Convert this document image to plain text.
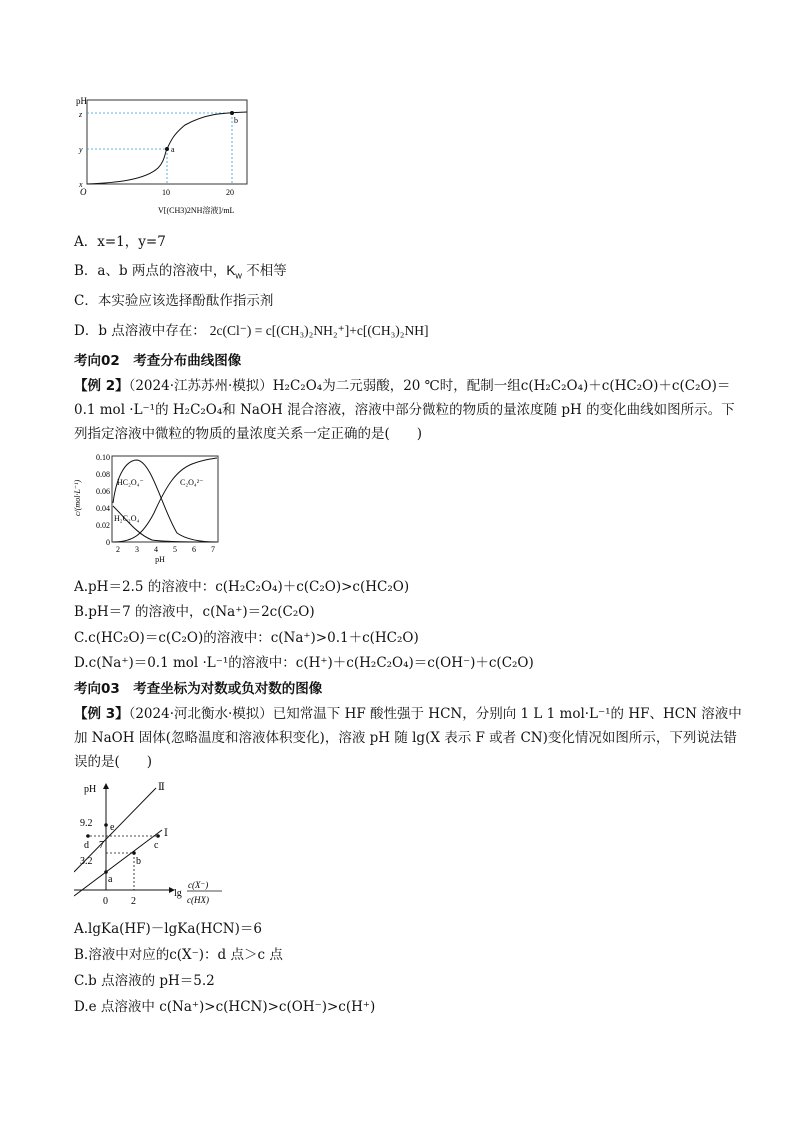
pH
z
y
x
O
a
b
10	20
V[(CH3)2NH溶液]/mL
A．x=1，y=7
B．a、b 两点的溶液中，$K_w$ 不相等
C．本实验应该选择酚酞作指示剂
D．b 点溶液中存在： 2c(Cl⁻) = c[(CH₃)₂NH₂⁺]+c[(CH₃)₂NH]
考向02　考查分布曲线图像
【例 2】（2024·江苏苏州·模拟）H₂C₂O₄为二元弱酸，20 ℃时，配制一组c(H₂C₂O₄)＋c(HC₂O)＋c(C₂O)＝
0.1 mol ·L⁻¹的 H₂C₂O₄和 NaOH 混合溶液，溶液中部分微粒的物质的量浓度随 pH 的变化曲线如图所示。下
列指定溶液中微粒的物质的量浓度关系一定正确的是(　　)
c/(mol·L⁻¹)
0.10
0.08
0.06
0.04
0.02
0
2 3 4 5 6 7
pH
HC₂O₄⁻	C₂O₄²⁻
H₂C₂O₄
A.pH＝2.5 的溶液中：c(H₂C₂O₄)＋c(C₂O)>c(HC₂O)
B.pH＝7 的溶液中，c(Na⁺)＝2c(C₂O)
C.c(HC₂O)＝c(C₂O)的溶液中：c(Na⁺)>0.1＋c(HC₂O)
D.c(Na⁺)＝0.1 mol ·L⁻¹的溶液中：c(H⁺)＋c(H₂C₂O₄)＝c(OH⁻)＋c(C₂O)
考向03　考查坐标为对数或负对数的图像
【例 3】（2024·河北衡水·模拟）已知常温下 HF 酸性强于 HCN，分别向 1 L 1 mol·L⁻¹的 HF、HCN 溶液中
加 NaOH 固体(忽略温度和溶液体积变化)，溶液 pH 随 lg(X 表示 F 或者 CN)变化情况如图所示，下列说法错
误的是(　　)
pH	Ⅱ
Ⅰ
9.2
3.2
d 7
e
c
b
a
0 2
lg
c(X⁻)
c(HX)
A.lgKa(HF)－lgKa(HCN)＝6
B.溶液中对应的c(X⁻)：d 点＞c 点
C.b 点溶液的 pH＝5.2
D.e 点溶液中 c(Na⁺)>c(HCN)>c(OH⁻)>c(H⁺)
